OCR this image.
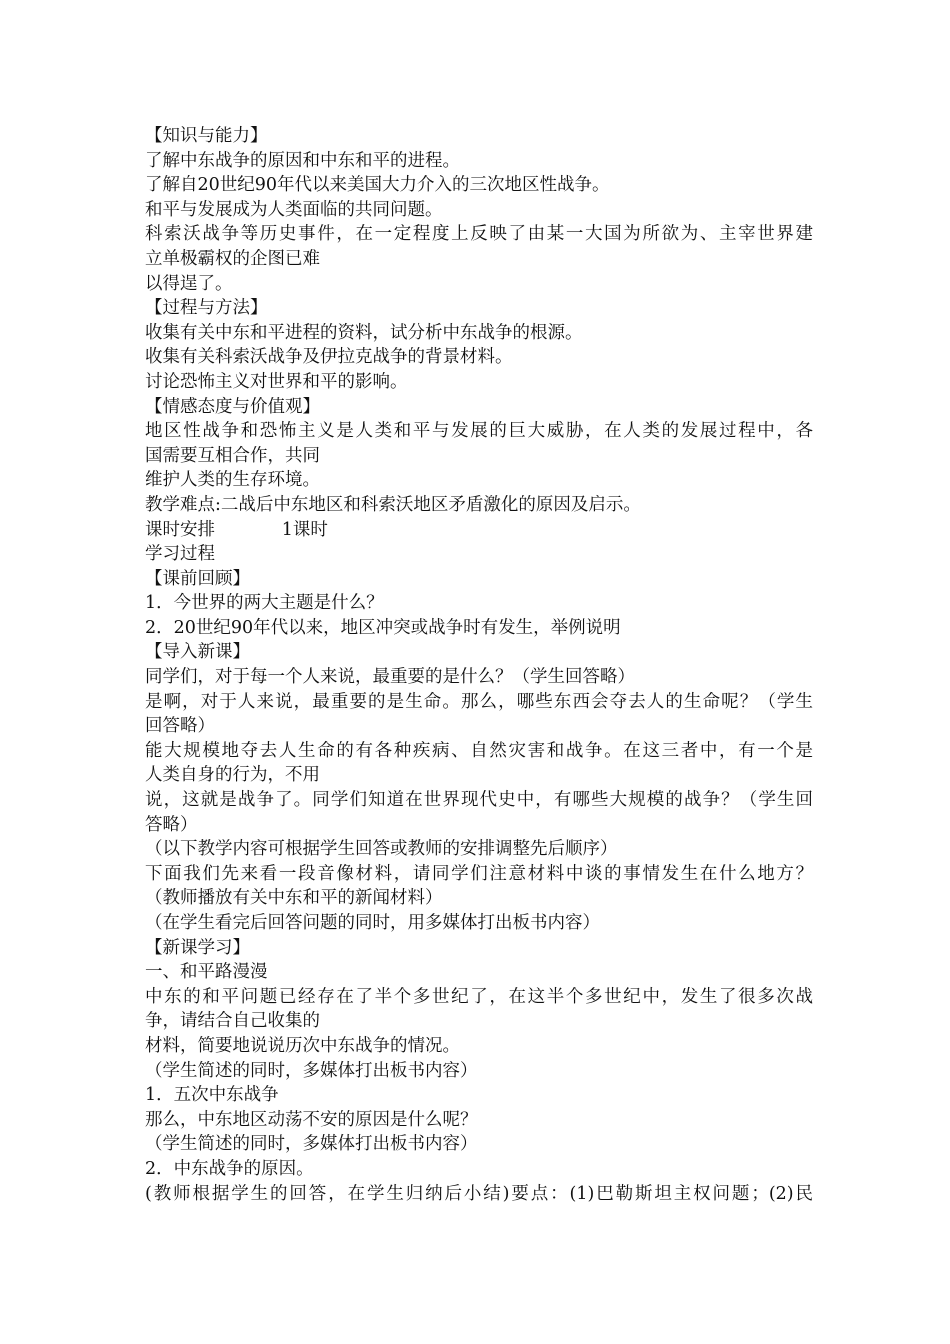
【知识与能力】

了解中东战争的原因和中东和平的进程。

了解自20世纪90年代以来美国大力介入的三次地区性战争。

和平与发展成为人类面临的共同问题。

科索沃战争等历史事件，在一定程度上反映了由某一大国为所欲为、主宰世界建

立单极霸权的企图已难

以得逞了。

【过程与方法】

收集有关中东和平进程的资料，试分析中东战争的根源。

收集有关科索沃战争及伊拉克战争的背景材料。

讨论恐怖主义对世界和平的影响。

【情感态度与价值观】

地区性战争和恐怖主义是人类和平与发展的巨大威胁，在人类的发展过程中，各

国需要互相合作，共同

维护人类的生存环境。

教学难点:二战后中东地区和科索沃地区矛盾激化的原因及启示。

课时安排            1课时

学习过程

【课前回顾】

1．今世界的两大主题是什么？

2．20世纪90年代以来，地区冲突或战争时有发生，举例说明

【导入新课】

同学们，对于每一个人来说，最重要的是什么？（学生回答略）

是啊，对于人来说，最重要的是生命。那么，哪些东西会夺去人的生命呢？（学生

回答略）

能大规模地夺去人生命的有各种疾病、自然灾害和战争。在这三者中，有一个是

人类自身的行为，不用

说，这就是战争了。同学们知道在世界现代史中，有哪些大规模的战争？（学生回

答略）

（以下教学内容可根据学生回答或教师的安排调整先后顺序）

下面我们先来看一段音像材料，请同学们注意材料中谈的事情发生在什么地方？

（教师播放有关中东和平的新闻材料）

（在学生看完后回答问题的同时，用多媒体打出板书内容）

【新课学习】

一、和平路漫漫

中东的和平问题已经存在了半个多世纪了，在这半个多世纪中，发生了很多次战

争，请结合自己收集的

材料，简要地说说历次中东战争的情况。

（学生简述的同时，多媒体打出板书内容）

1．五次中东战争

那么，中东地区动荡不安的原因是什么呢？

（学生简述的同时，多媒体打出板书内容）

2．中东战争的原因。

(教师根据学生的回答，在学生归纳后小结)要点：(1)巴勒斯坦主权问题；(2)民
